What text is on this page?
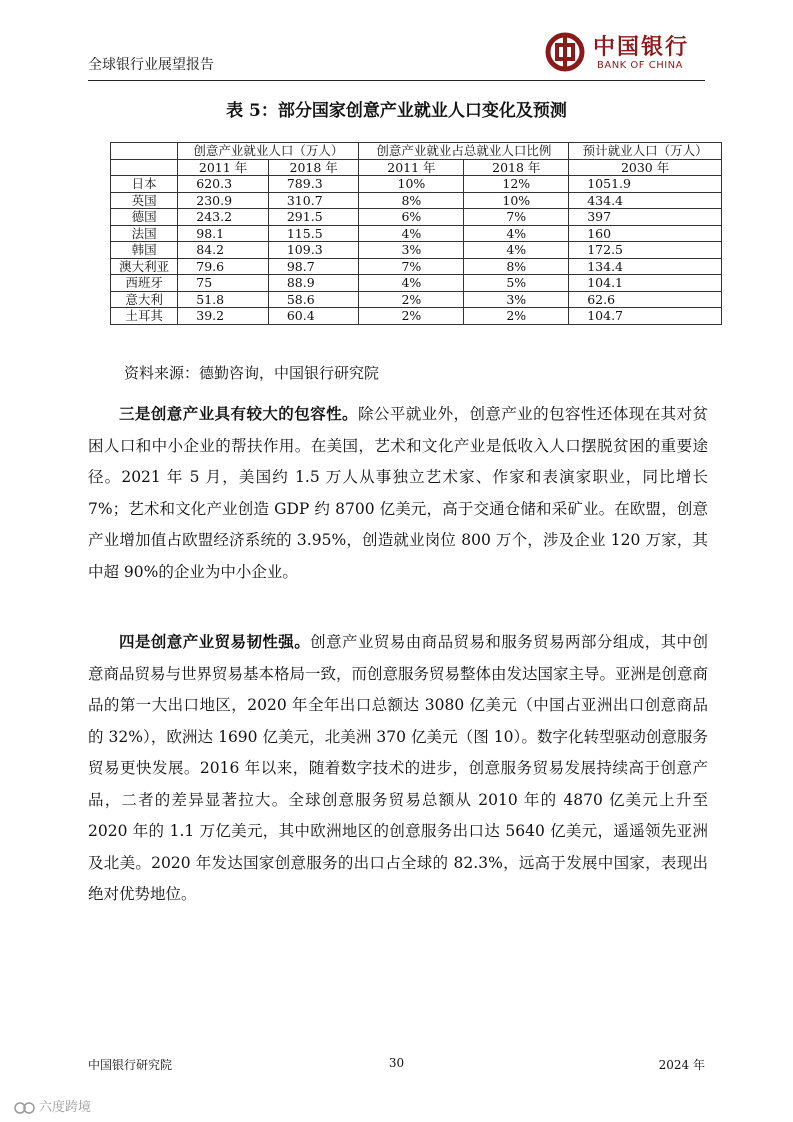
全球银行业展望报告
中国银行
BANK OF CHINA
表 5：部分国家创意产业就业人口变化及预测
	创意产业就业人口（万人）		创意产业就业占总就业人口比例		预计就业人口（万人）
	2011 年	2018 年	2011 年	2018 年	2030 年
日本	620.3	789.3	10%	12%	1051.9
英国	230.9	310.7	8%	10%	434.4
德国	243.2	291.5	6%	7%	397
法国	98.1	115.5	4%	4%	160
韩国	84.2	109.3	3%	4%	172.5
澳大利亚	79.6	98.7	7%	8%	134.4
西班牙	75	88.9	4%	5%	104.1
意大利	51.8	58.6	2%	3%	62.6
土耳其	39.2	60.4	2%	2%	104.7
资料来源：德勤咨询，中国银行研究院
三是创意产业具有较大的包容性。除公平就业外，创意产业的包容性还体现在其对贫困人口和中小企业的帮扶作用。在美国，艺术和文化产业是低收入人口摆脱贫困的重要途径。2021 年 5 月，美国约 1.5 万人从事独立艺术家、作家和表演家职业，同比增长 7%；艺术和文化产业创造 GDP 约 8700 亿美元，高于交通仓储和采矿业。在欧盟，创意产业增加值占欧盟经济系统的 3.95%，创造就业岗位 800 万个，涉及企业 120 万家，其中超 90%的企业为中小企业。
四是创意产业贸易韧性强。创意产业贸易由商品贸易和服务贸易两部分组成，其中创意商品贸易与世界贸易基本格局一致，而创意服务贸易整体由发达国家主导。亚洲是创意商品的第一大出口地区，2020 年全年出口总额达 3080 亿美元（中国占亚洲出口创意商品的 32%），欧洲达 1690 亿美元，北美洲 370 亿美元（图 10）。数字化转型驱动创意服务贸易更快发展。2016 年以来，随着数字技术的进步，创意服务贸易发展持续高于创意产品，二者的差异显著拉大。全球创意服务贸易总额从 2010 年的 4870 亿美元上升至 2020 年的 1.1 万亿美元，其中欧洲地区的创意服务出口达 5640 亿美元，遥遥领先亚洲及北美。2020 年发达国家创意服务的出口占全球的 82.3%，远高于发展中国家，表现出绝对优势地位。
中国银行研究院	30	2024 年
六度跨境
